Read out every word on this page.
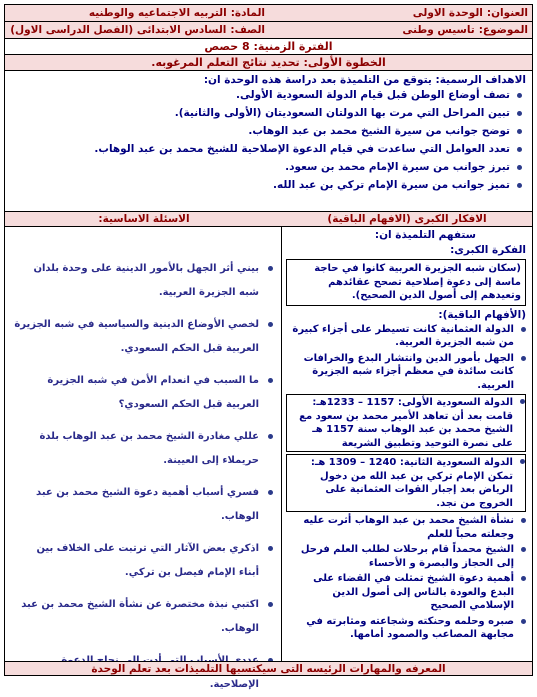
العنوان:
الوحدة الاولى
المادة:
التربيه الاجتماعيه والوطنيه
الموضوع:
تاسيس وطنى
الصف:
السادس الابتدائى (الفصل الدراسى الاول)
الفترة الزمنية: 8 حصص
الخطوة الأولى: تحديد نتائج التعلم المرغوبه.
الاهداف الرسمية: يتوقع من التلميذة بعد دراسة هذه الوحدة ان:
تصف أوضاع الوطن قبل قيام الدولة السعودية الأولى.
تبين المراحل التي مرت بها الدولتان السعوديتان (الأولى والثانية).
توضح جوانب من سيرة الشيخ محمد بن عبد الوهاب.
تعدد العوامل التي ساعدت في قيام الدعوة الإصلاحية للشيخ محمد بن عبد الوهاب.
تبرز جوانب من سيرة الإمام محمد بن سعود.
تميز جوانب من سيرة الإمام تركي بن عبد الله.
الافكار الكبرى (الافهام الباقية)
الاسئلة الاساسية:
ستفهم التلميذة ان:
الفكرة الكبرى:
(سكان شبه الجزيرة العربية كانوا في حاجة ماسة إلى دعوة إصلاحية تصحح عقائدهم وتعيدهم إلى أصول الدين الصحيح).
(الأفهام الباقية):
الدولة العثمانية كانت تسيطر على أجزاء كبيرة من شبه الجزيرة العربية.
الجهل بأمور الدين وانتشار البدع والخرافات كانت سائدة في معظم أجزاء شبه الجزيرة العربية.
الدولة السعودية الأولى: 1157 – 1233هـ: قامت بعد أن تعاهد الأمير محمد بن سعود مع الشيخ محمد بن عبد الوهاب سنة 1157 هـ على نصرة التوحيد وتطبيق الشريعة
الدولة السعودية الثانية: 1240 – 1309 هـ: تمكن الإمام تركي بن عبد الله من دخول الرياض بعد إجبار القوات العثمانية على الخروج من نجد.
نشأة الشيخ محمد بن عبد الوهاب أثرت عليه وجعلته محباً للعلم
الشيخ محمداً قام برحلات لطلب العلم فرحل إلى الحجاز والبصرة و الأحساء
أهمية دعوة الشيخ تمثلت في القضاء على البدع والعودة بالناس إلى أصول الدين الإسلامي الصحيح
صبره وحلمه وحنكته وشجاعته ومثابرته في مجابهة المصاعب والصمود أمامها.
بيني أثر الجهل بالأمور الدينية على وحدة بلدان شبه الجزيرة العربية.
لخصي الأوضاع الدينية والسياسية في شبه الجزيرة العربية قبل الحكم السعودي.
ما السبب في انعدام الأمن في شبه الجزيرة العربية قبل الحكم السعودي؟
عللي مغادرة الشيخ محمد بن عبد الوهاب بلدة حريملاء إلى العيينة.
فسري أسباب أهمية دعوة الشيخ محمد بن عبد الوهاب.
اذكري بعض الآثار التي ترتبت على الخلاف بين أبناء الإمام فيصل بن تركي.
اكتبي نبذة مختصرة عن نشأة الشيخ محمد بن عبد الوهاب.
الإصلاحية.
المعرفه والمهارات الرئيسه التى سيكتسبها التلميذات بعد تعلم الوحدة
